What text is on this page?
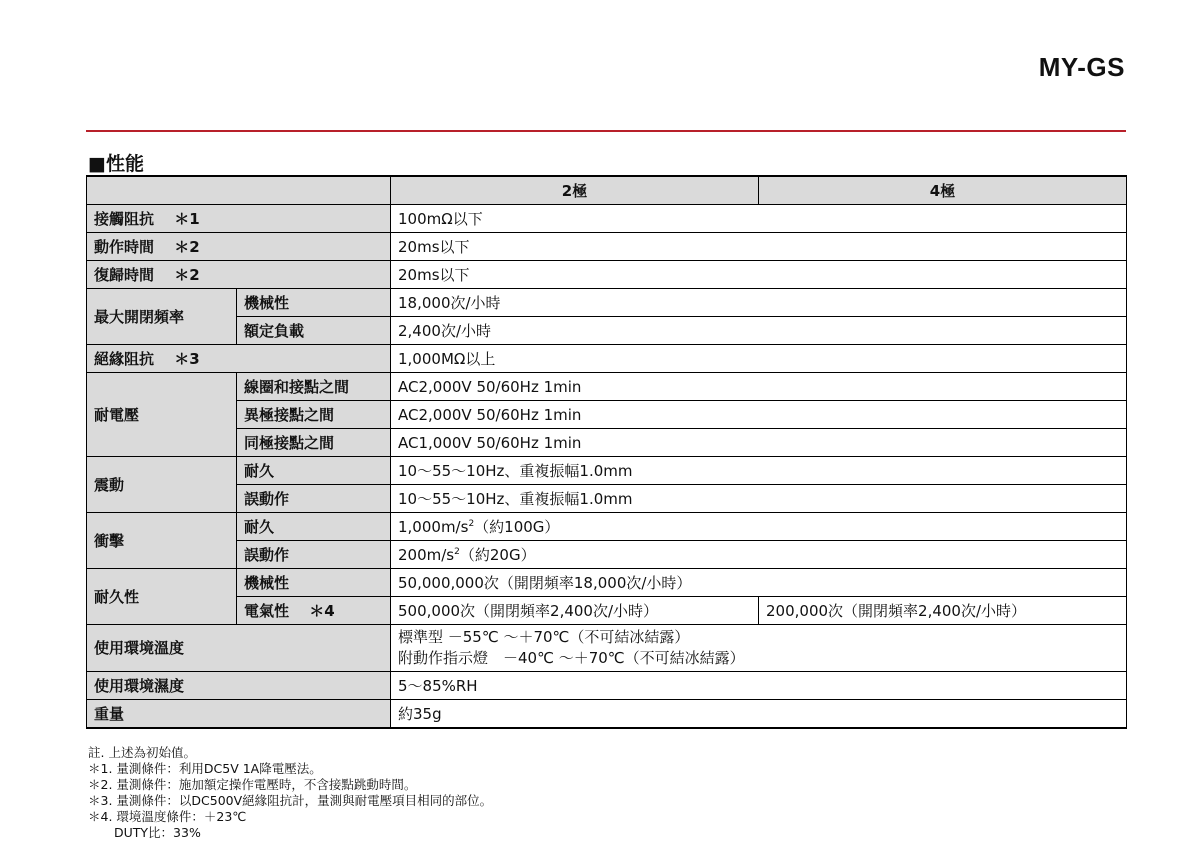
MY-GS
■性能
		2極	4極
接觸阻抗　 ＊1		100mΩ以下	
動作時間　 ＊2		20ms以下	
復歸時間　 ＊2		20ms以下	
最大開閉頻率	機械性	18,000次/小時	
	額定負載	2,400次/小時	
絕緣阻抗　 ＊3		1,000MΩ以上	
耐電壓	線圈和接點之間	AC2,000V 50/60Hz 1min	
	異極接點之間	AC2,000V 50/60Hz 1min	
	同極接點之間	AC1,000V 50/60Hz 1min	
震動	耐久	10～55～10Hz、重複振幅1.0mm	
	誤動作	10～55～10Hz、重複振幅1.0mm	
衝擊	耐久	$1,000m/s^2$（約100G）	
	誤動作	$200m/s^2$（約20G）	
耐久性	機械性	50,000,000次（開閉頻率18,000次/小時）	
	電氣性　 ＊4	500,000次（開閉頻率2,400次/小時）	200,000次（開閉頻率2,400次/小時）
使用環境溫度		標準型 －55℃ ～＋70℃（不可結冰結露）
附動作指示燈　－40℃ ～＋70℃（不可結冰結露）	

使用環境濕度		5～85%RH	
重量		約35g	
註. 上述為初始值。
＊1. 量測條件：利用DC5V 1A降電壓法。
＊2. 量測條件：施加額定操作電壓時，不含接點跳動時間。
＊3. 量測條件：以DC500V絕緣阻抗計，量測與耐電壓項目相同的部位。
＊4. 環境溫度條件：＋23℃
DUTY比：33%
